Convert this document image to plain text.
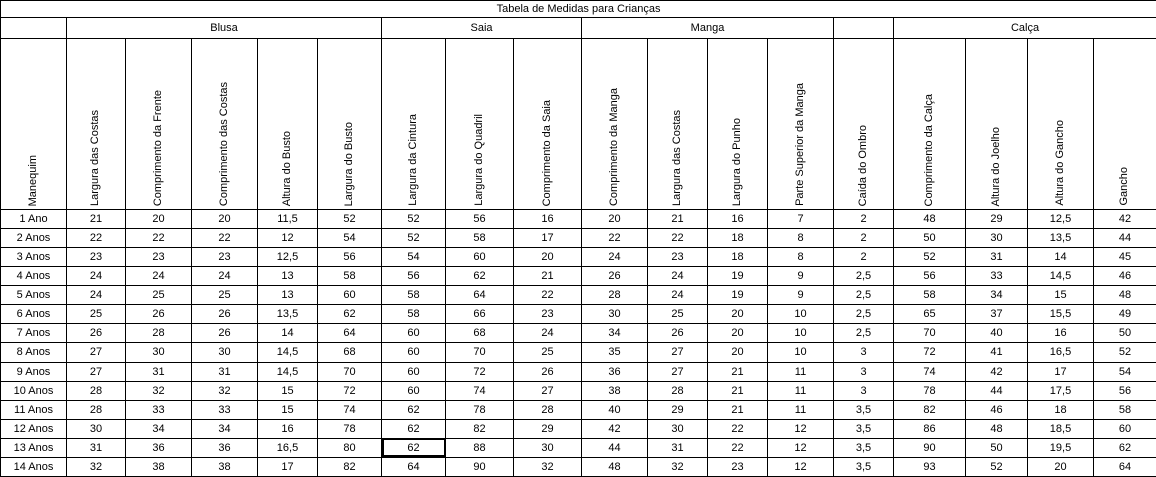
Tabela de Medidas para Crianças																	
	Blusa					Saia			Manga					Calça			

Manequim	Largura das Costas	Comprimento da Frente	Comprimento das Costas	Altura do Busto	Largura do Busto	Largura da Cintura	Largura do Quadril	Comprimento da Saia	Comprimento da Manga	Largura das Costas	Largura do Punho	Parte Superior da Manga	Caída do Ombro	Comprimento da Calça	Altura do Joelho	Altura do Gancho	Gancho

1 Ano	21	20	20	11,5	52	52	56	16	20	21	16	7	2	48	29	12,5	42
2 Anos	22	22	22	12	54	52	58	17	22	22	18	8	2	50	30	13,5	44
3 Anos	23	23	23	12,5	56	54	60	20	24	23	18	8	2	52	31	14	45
4 Anos	24	24	24	13	58	56	62	21	26	24	19	9	2,5	56	33	14,5	46
5 Anos	24	25	25	13	60	58	64	22	28	24	19	9	2,5	58	34	15	48
6 Anos	25	26	26	13,5	62	58	66	23	30	25	20	10	2,5	65	37	15,5	49
7 Anos	26	28	26	14	64	60	68	24	34	26	20	10	2,5	70	40	16	50
8 Anos	27	30	30	14,5	68	60	70	25	35	27	20	10	3	72	41	16,5	52
9 Anos	27	31	31	14,5	70	60	72	26	36	27	21	11	3	74	42	17	54
10 Anos	28	32	32	15	72	60	74	27	38	28	21	11	3	78	44	17,5	56
11 Anos	28	33	33	15	74	62	78	28	40	29	21	11	3,5	82	46	18	58
12 Anos	30	34	34	16	78	62	82	29	42	30	22	12	3,5	86	48	18,5	60
13 Anos	31	36	36	16,5	80	62	88	30	44	31	22	12	3,5	90	50	19,5	62
14 Anos	32	38	38	17	82	64	90	32	48	32	23	12	3,5	93	52	20	64
